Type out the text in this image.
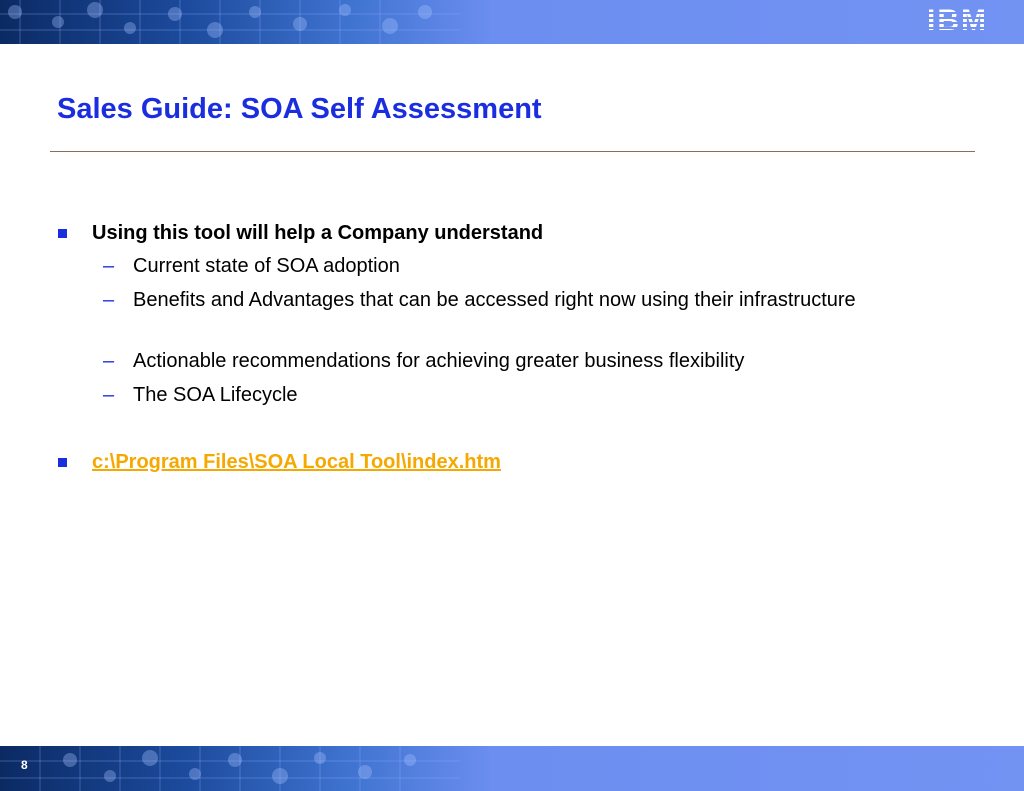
IBM
Sales Guide: SOA Self Assessment
Using this tool will help a Company understand
– Current state of SOA adoption
– Benefits and Advantages that can be accessed right now using their infrastructure
– Actionable recommendations for achieving greater business flexibility
– The SOA Lifecycle
c:\Program Files\SOA Local Tool\index.htm
8
